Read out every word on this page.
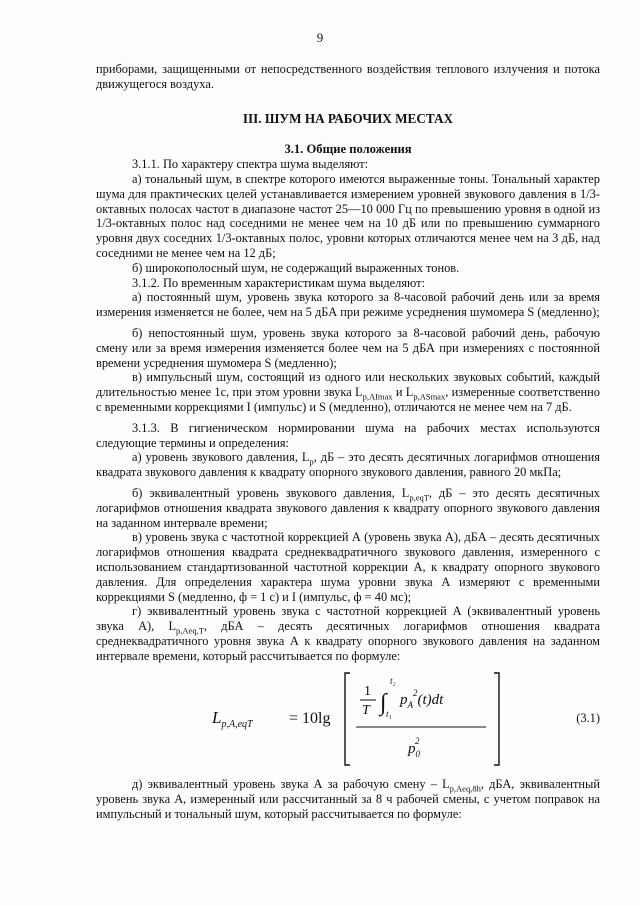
9

приборами, защищенными от непосредственного воздействия теплового излучения и потока движущегося воздуха.

III. ШУМ НА РАБОЧИХ МЕСТАХ

3.1. Общие положения

3.1.1. По характеру спектра шума выделяют:

а) тональный шум, в спектре которого имеются выраженные тоны. Тональный характер шума для практических целей устанавливается измерением уровней звукового давления в 1/3-октавных полосах частот в диапазоне частот 25—10 000 Гц по превышению уровня в одной из 1/3-октавных полос над соседними не менее чем на 10 дБ или по превышению суммарного уровня двух соседних 1/3-октавных полос, уровни которых отличаются менее чем на 3 дБ, над соседними не менее чем на 12 дБ;

б) широкополосный шум, не содержащий выраженных тонов.

3.1.2. По временным характеристикам шума выделяют:

а) постоянный шум, уровень звука которого за 8-часовой рабочий день или за время измерения изменяется не более, чем на 5 дБА при режиме усреднения шумомера S (медленно);

б) непостоянный шум, уровень звука которого за 8-часовой рабочий день, рабочую смену или за время измерения изменяется более чем на 5 дБА при измерениях с постоянной времени усреднения шумомера S (медленно);

в) импульсный шум, состоящий из одного или нескольких звуковых событий, каждый длительностью менее 1с, при этом уровни звука $L_{p,AImax}$ и $L_{p,ASmax}$, измеренные соответственно с временными коррекциями I (импульс) и S (медленно), отличаются не менее чем на 7 дБ.

3.1.3. В гигиеническом нормировании шума на рабочих местах используются следующие термины и определения:

а) уровень звукового давления, $L_p$, дБ – это десять десятичных логарифмов отношения квадрата звукового давления к квадрату опорного звукового давления, равного 20 мкПа;

б) эквивалентный уровень звукового давления, $L_{p,eqT}$, дБ – это десять десятичных логарифмов отношения квадрата звукового давления к квадрату опорного звукового давления на заданном интервале времени;

в) уровень звука с частотной коррекцией А (уровень звука А), дБА – десять десятичных логарифмов отношения квадрата среднеквадратичного звукового давления, измеренного с использованием стандартизованной частотной коррекции А, к квадрату опорного звукового давления. Для определения характера шума уровни звука А измеряют с временными коррекциями S (медленно, ф = 1 с) и I (импульс, ф = 40 мс);

г) эквивалентный уровень звука с частотной коррекцией А (эквивалентный уровень звука А), $L_{p,Aeq,T}$, дБА – десять десятичных логарифмов отношения квадрата среднеквадратичного уровня звука А к квадрату опорного звукового давления на заданном интервале времени, который рассчитывается по формуле:

$L_{p,A,eqT} = 10\lg$
1
T ∫
t₂
t₁
$p_A^2(t)dt$
$p_02$
(3.1)

д) эквивалентный уровень звука А за рабочую смену – $L_{p,Aeq,8h}$, дБА, эквивалентный уровень звука А, измеренный или рассчитанный за 8 ч рабочей смены, с учетом поправок на импульсный и тональный шум, который рассчитывается по формуле:
